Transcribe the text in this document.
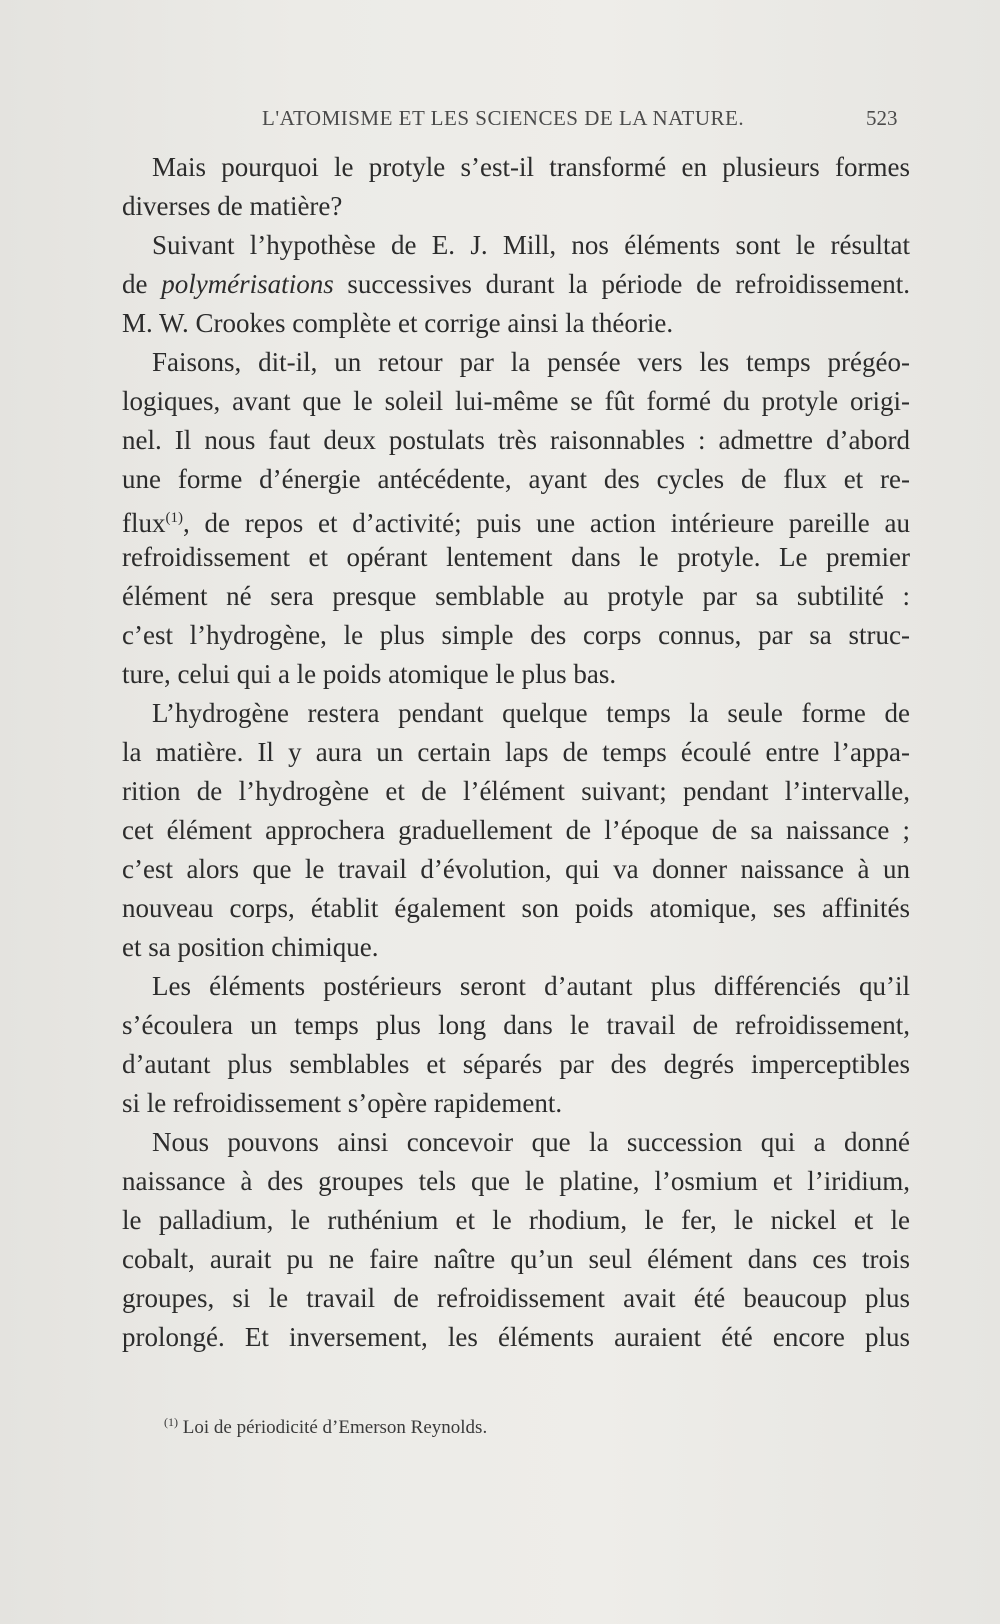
L'ATOMISME ET LES SCIENCES DE LA NATURE.	523
Mais pourquoi le protyle s’est-il transformé en plusieurs formes
diverses de matière?
Suivant l’hypothèse de E. J. Mill, nos éléments sont le résultat
de polymérisations successives durant la période de refroidissement.
M. W. Crookes complète et corrige ainsi la théorie.
Faisons, dit-il, un retour par la pensée vers les temps prégéo-
logiques, avant que le soleil lui-même se fût formé du protyle origi-
nel. Il nous faut deux postulats très raisonnables : admettre d’abord
une forme d’énergie antécédente, ayant des cycles de flux et re-
flux$^{(1)}$, de repos et d’activité; puis une action intérieure pareille au
refroidissement et opérant lentement dans le protyle. Le premier
élément né sera presque semblable au protyle par sa subtilité :
c’est l’hydrogène, le plus simple des corps connus, par sa struc-
ture, celui qui a le poids atomique le plus bas.
L’hydrogène restera pendant quelque temps la seule forme de
la matière. Il y aura un certain laps de temps écoulé entre l’appa-
rition de l’hydrogène et de l’élément suivant; pendant l’intervalle,
cet élément approchera graduellement de l’époque de sa naissance ;
c’est alors que le travail d’évolution, qui va donner naissance à un
nouveau corps, établit également son poids atomique, ses affinités
et sa position chimique.
Les éléments postérieurs seront d’autant plus différenciés qu’il
s’écoulera un temps plus long dans le travail de refroidissement,
d’autant plus semblables et séparés par des degrés imperceptibles
si le refroidissement s’opère rapidement.
Nous pouvons ainsi concevoir que la succession qui a donné
naissance à des groupes tels que le platine, l’osmium et l’iridium,
le palladium, le ruthénium et le rhodium, le fer, le nickel et le
cobalt, aurait pu ne faire naître qu’un seul élément dans ces trois
groupes, si le travail de refroidissement avait été beaucoup plus
prolongé. Et inversement, les éléments auraient été encore plus
$^{(1)}$ Loi de périodicité d’Emerson Reynolds.
